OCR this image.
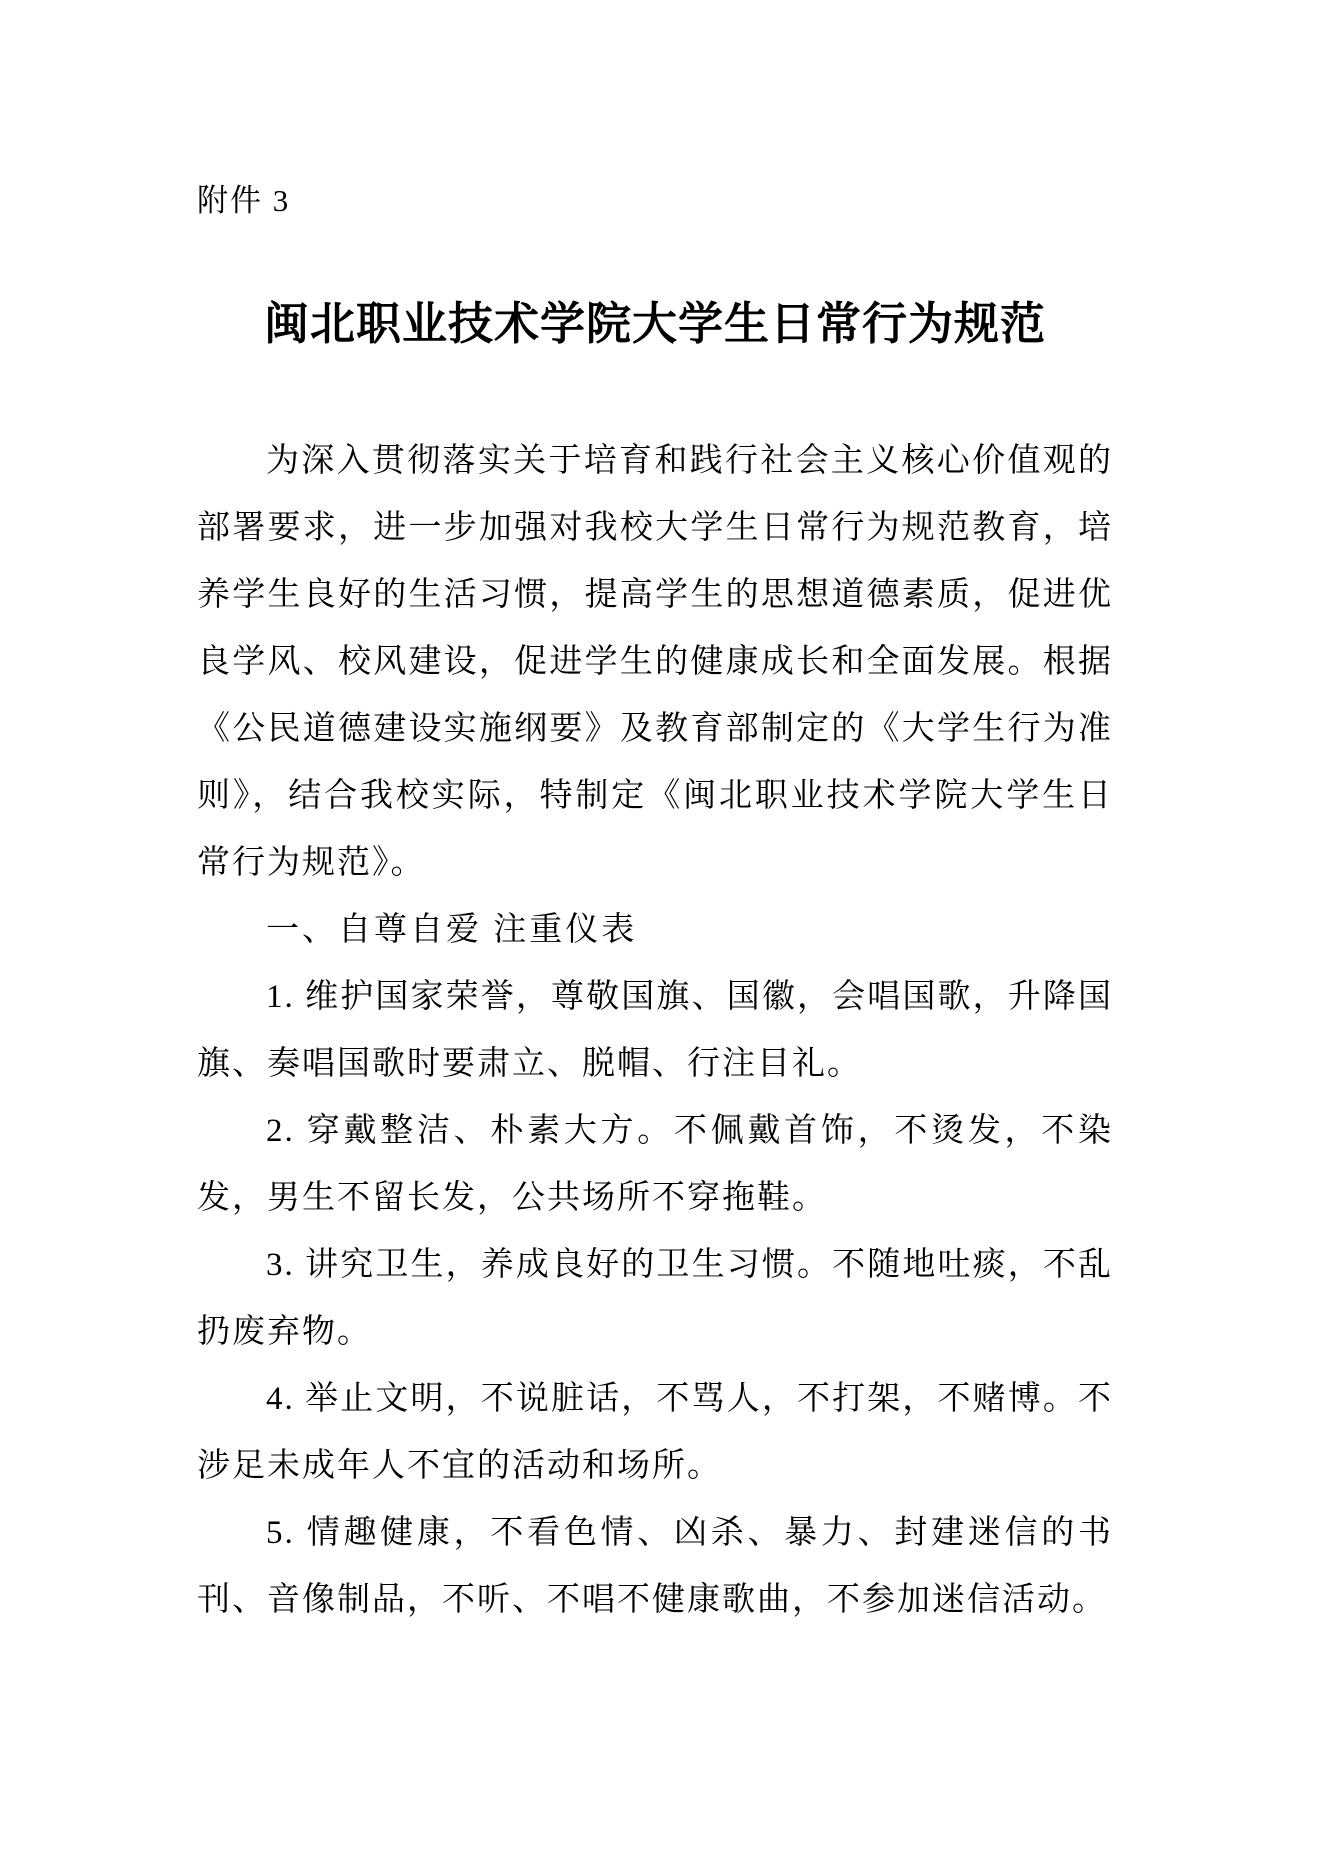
附件 3

闽北职业技术学院大学生日常行为规范

为深入贯彻落实关于培育和践行社会主义核心价值观的部署要求，进一步加强对我校大学生日常行为规范教育，培养学生良好的生活习惯，提高学生的思想道德素质，促进优良学风、校风建设，促进学生的健康成长和全面发展。根据《公民道德建设实施纲要》及教育部制定的《大学生行为准则》，结合我校实际，特制定《闽北职业技术学院大学生日常行为规范》。

一、自尊自爱 注重仪表

1. 维护国家荣誉，尊敬国旗、国徽，会唱国歌，升降国旗、奏唱国歌时要肃立、脱帽、行注目礼。

2. 穿戴整洁、朴素大方。不佩戴首饰，不烫发，不染发，男生不留长发，公共场所不穿拖鞋。

3. 讲究卫生，养成良好的卫生习惯。不随地吐痰，不乱扔废弃物。

4. 举止文明，不说脏话，不骂人，不打架，不赌博。不涉足未成年人不宜的活动和场所。

5. 情趣健康，不看色情、凶杀、暴力、封建迷信的书刊、音像制品，不听、不唱不健康歌曲，不参加迷信活动。
